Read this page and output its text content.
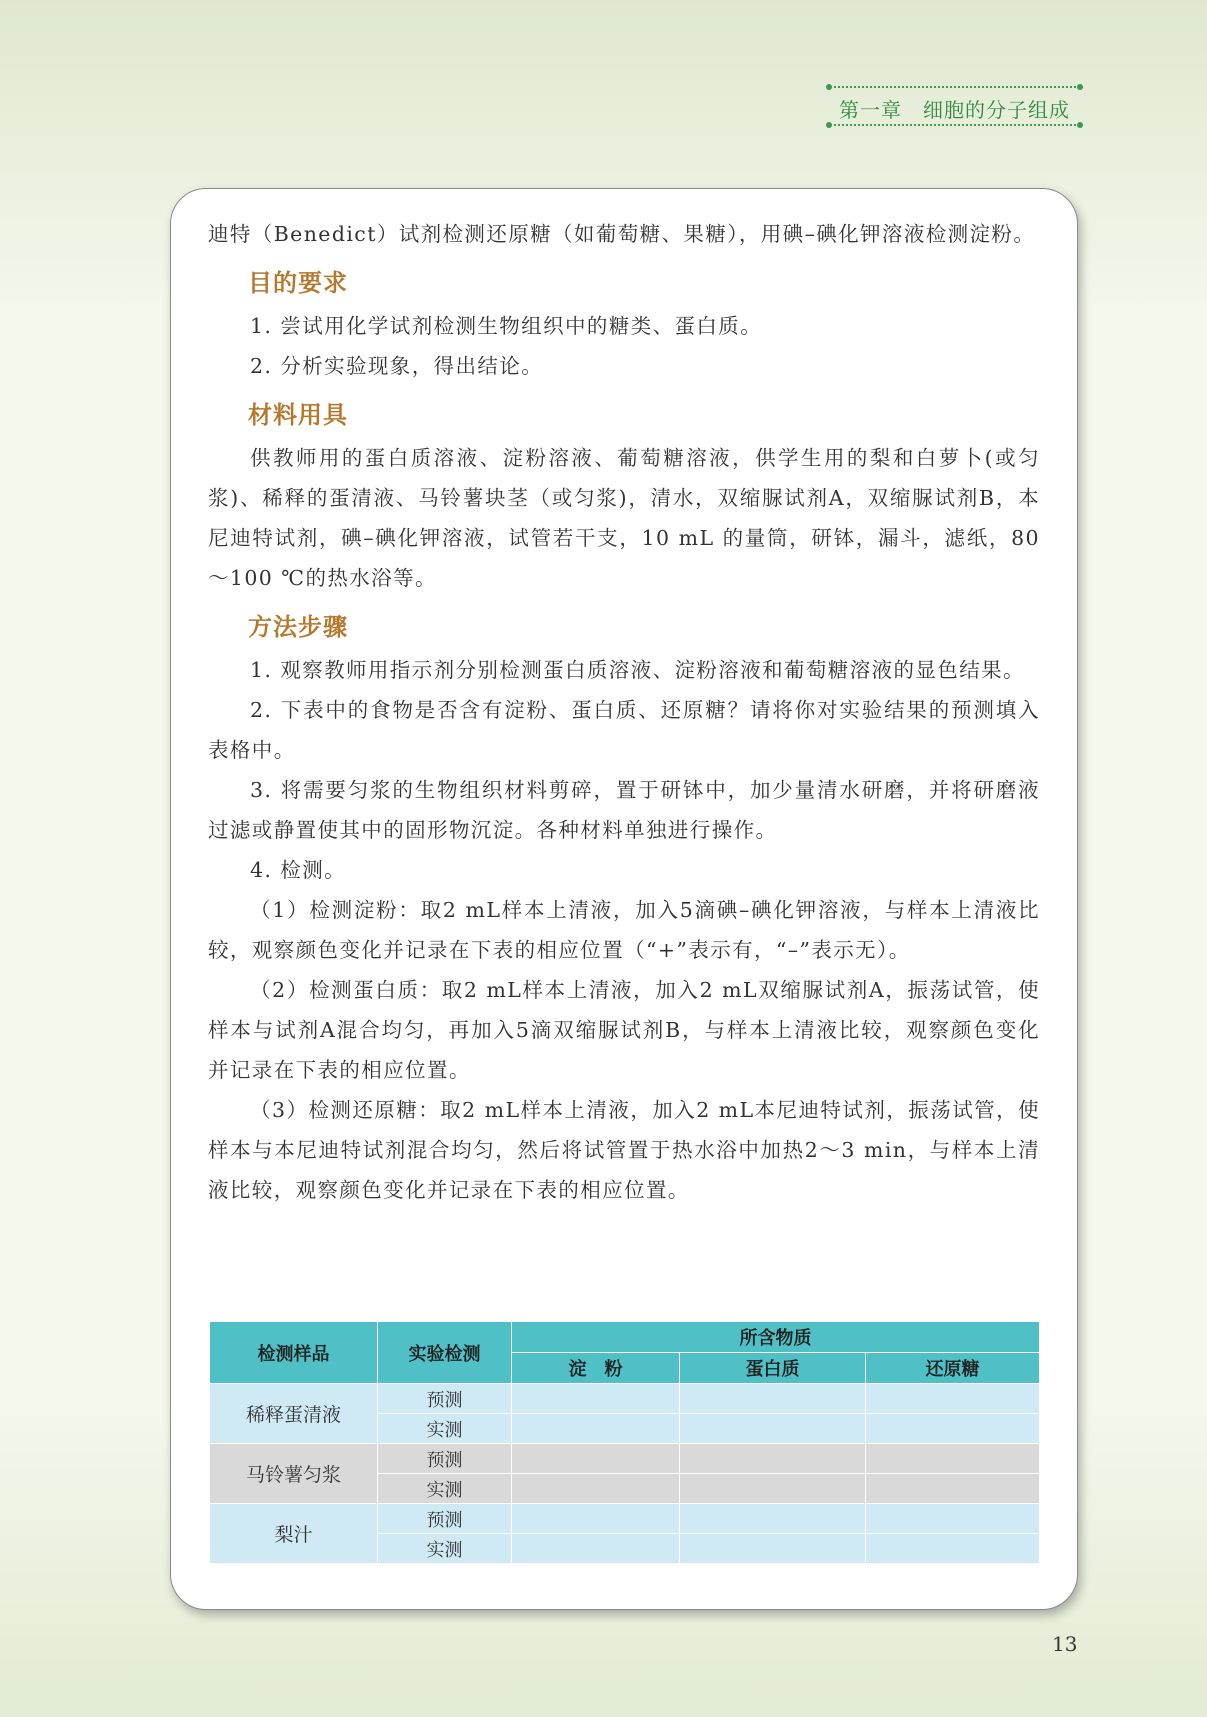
第一章　细胞的分子组成

迪特（Benedict）试剂检测还原糖（如葡萄糖、果糖），用碘–碘化钾溶液检测淀粉。

目的要求

1. 尝试用化学试剂检测生物组织中的糖类、蛋白质。

2. 分析实验现象，得出结论。

材料用具

供教师用的蛋白质溶液、淀粉溶液、葡萄糖溶液，供学生用的梨和白萝卜(或匀浆)、稀释的蛋清液、马铃薯块茎（或匀浆)，清水，双缩脲试剂A，双缩脲试剂B，本尼迪特试剂，碘–碘化钾溶液，试管若干支，10 mL 的量筒，研钵，漏斗，滤纸，80～100 ℃的热水浴等。

方法步骤

1. 观察教师用指示剂分别检测蛋白质溶液、淀粉溶液和葡萄糖溶液的显色结果。

2. 下表中的食物是否含有淀粉、蛋白质、还原糖？请将你对实验结果的预测填入表格中。

3. 将需要匀浆的生物组织材料剪碎，置于研钵中，加少量清水研磨，并将研磨液过滤或静置使其中的固形物沉淀。各种材料单独进行操作。

4. 检测。

（1）检测淀粉：取2 mL样本上清液，加入5滴碘–碘化钾溶液，与样本上清液比较，观察颜色变化并记录在下表的相应位置（“+”表示有，“–”表示无）。

（2）检测蛋白质：取2 mL样本上清液，加入2 mL双缩脲试剂A，振荡试管，使样本与试剂A混合均匀，再加入5滴双缩脲试剂B，与样本上清液比较，观察颜色变化并记录在下表的相应位置。

（3）检测还原糖：取2 mL样本上清液，加入2 mL本尼迪特试剂，振荡试管，使样本与本尼迪特试剂混合均匀，然后将试管置于热水浴中加热2～3 min，与样本上清液比较，观察颜色变化并记录在下表的相应位置。

检测样品	实验检测	所含物质		
		淀　粉	蛋白质	还原糖
稀释蛋清液	预测			
	实测			
马铃薯匀浆	预测			
	实测			
梨汁	预测			
	实测			
13
